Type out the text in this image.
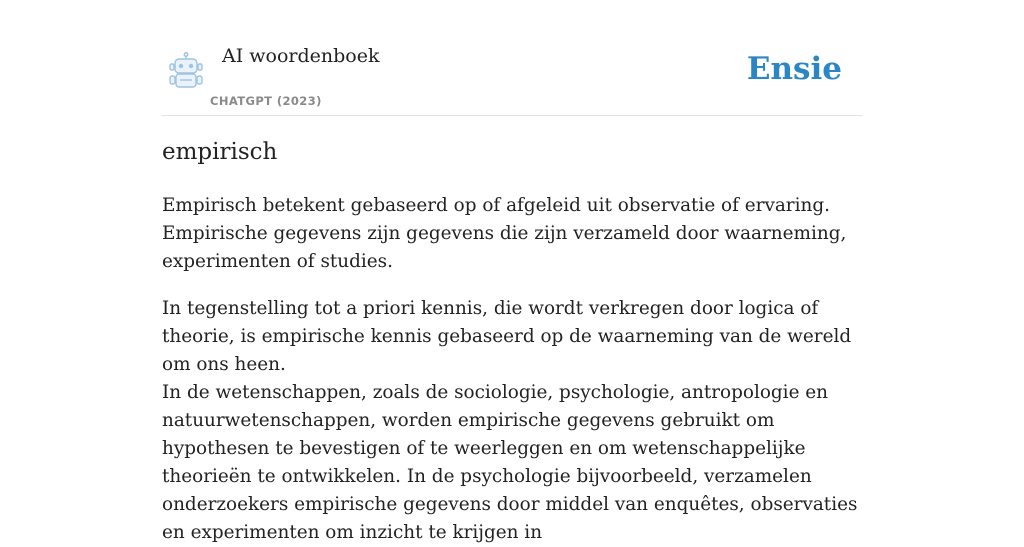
AI woordenboek
CHATGPT (2023)
Ensie
empirisch

Empirisch betekent gebaseerd op of afgeleid uit observatie of ervaring. Empirische gegevens zijn gegevens die zijn verzameld door waarneming, experimenten of studies.

In tegenstelling tot a priori kennis, die wordt verkregen door logica of theorie, is empirische kennis gebaseerd op de waarneming van de wereld om ons heen.

In de wetenschappen, zoals de sociologie, psychologie, antropologie en natuurwetenschappen, worden empirische gegevens gebruikt om hypothesen te bevestigen of te weerleggen en om wetenschappelijke theorieën te ontwikkelen. In de psychologie bijvoorbeeld, verzamelen onderzoekers empirische gegevens door middel van enquêtes, observaties en experimenten om inzicht te krijgen in
